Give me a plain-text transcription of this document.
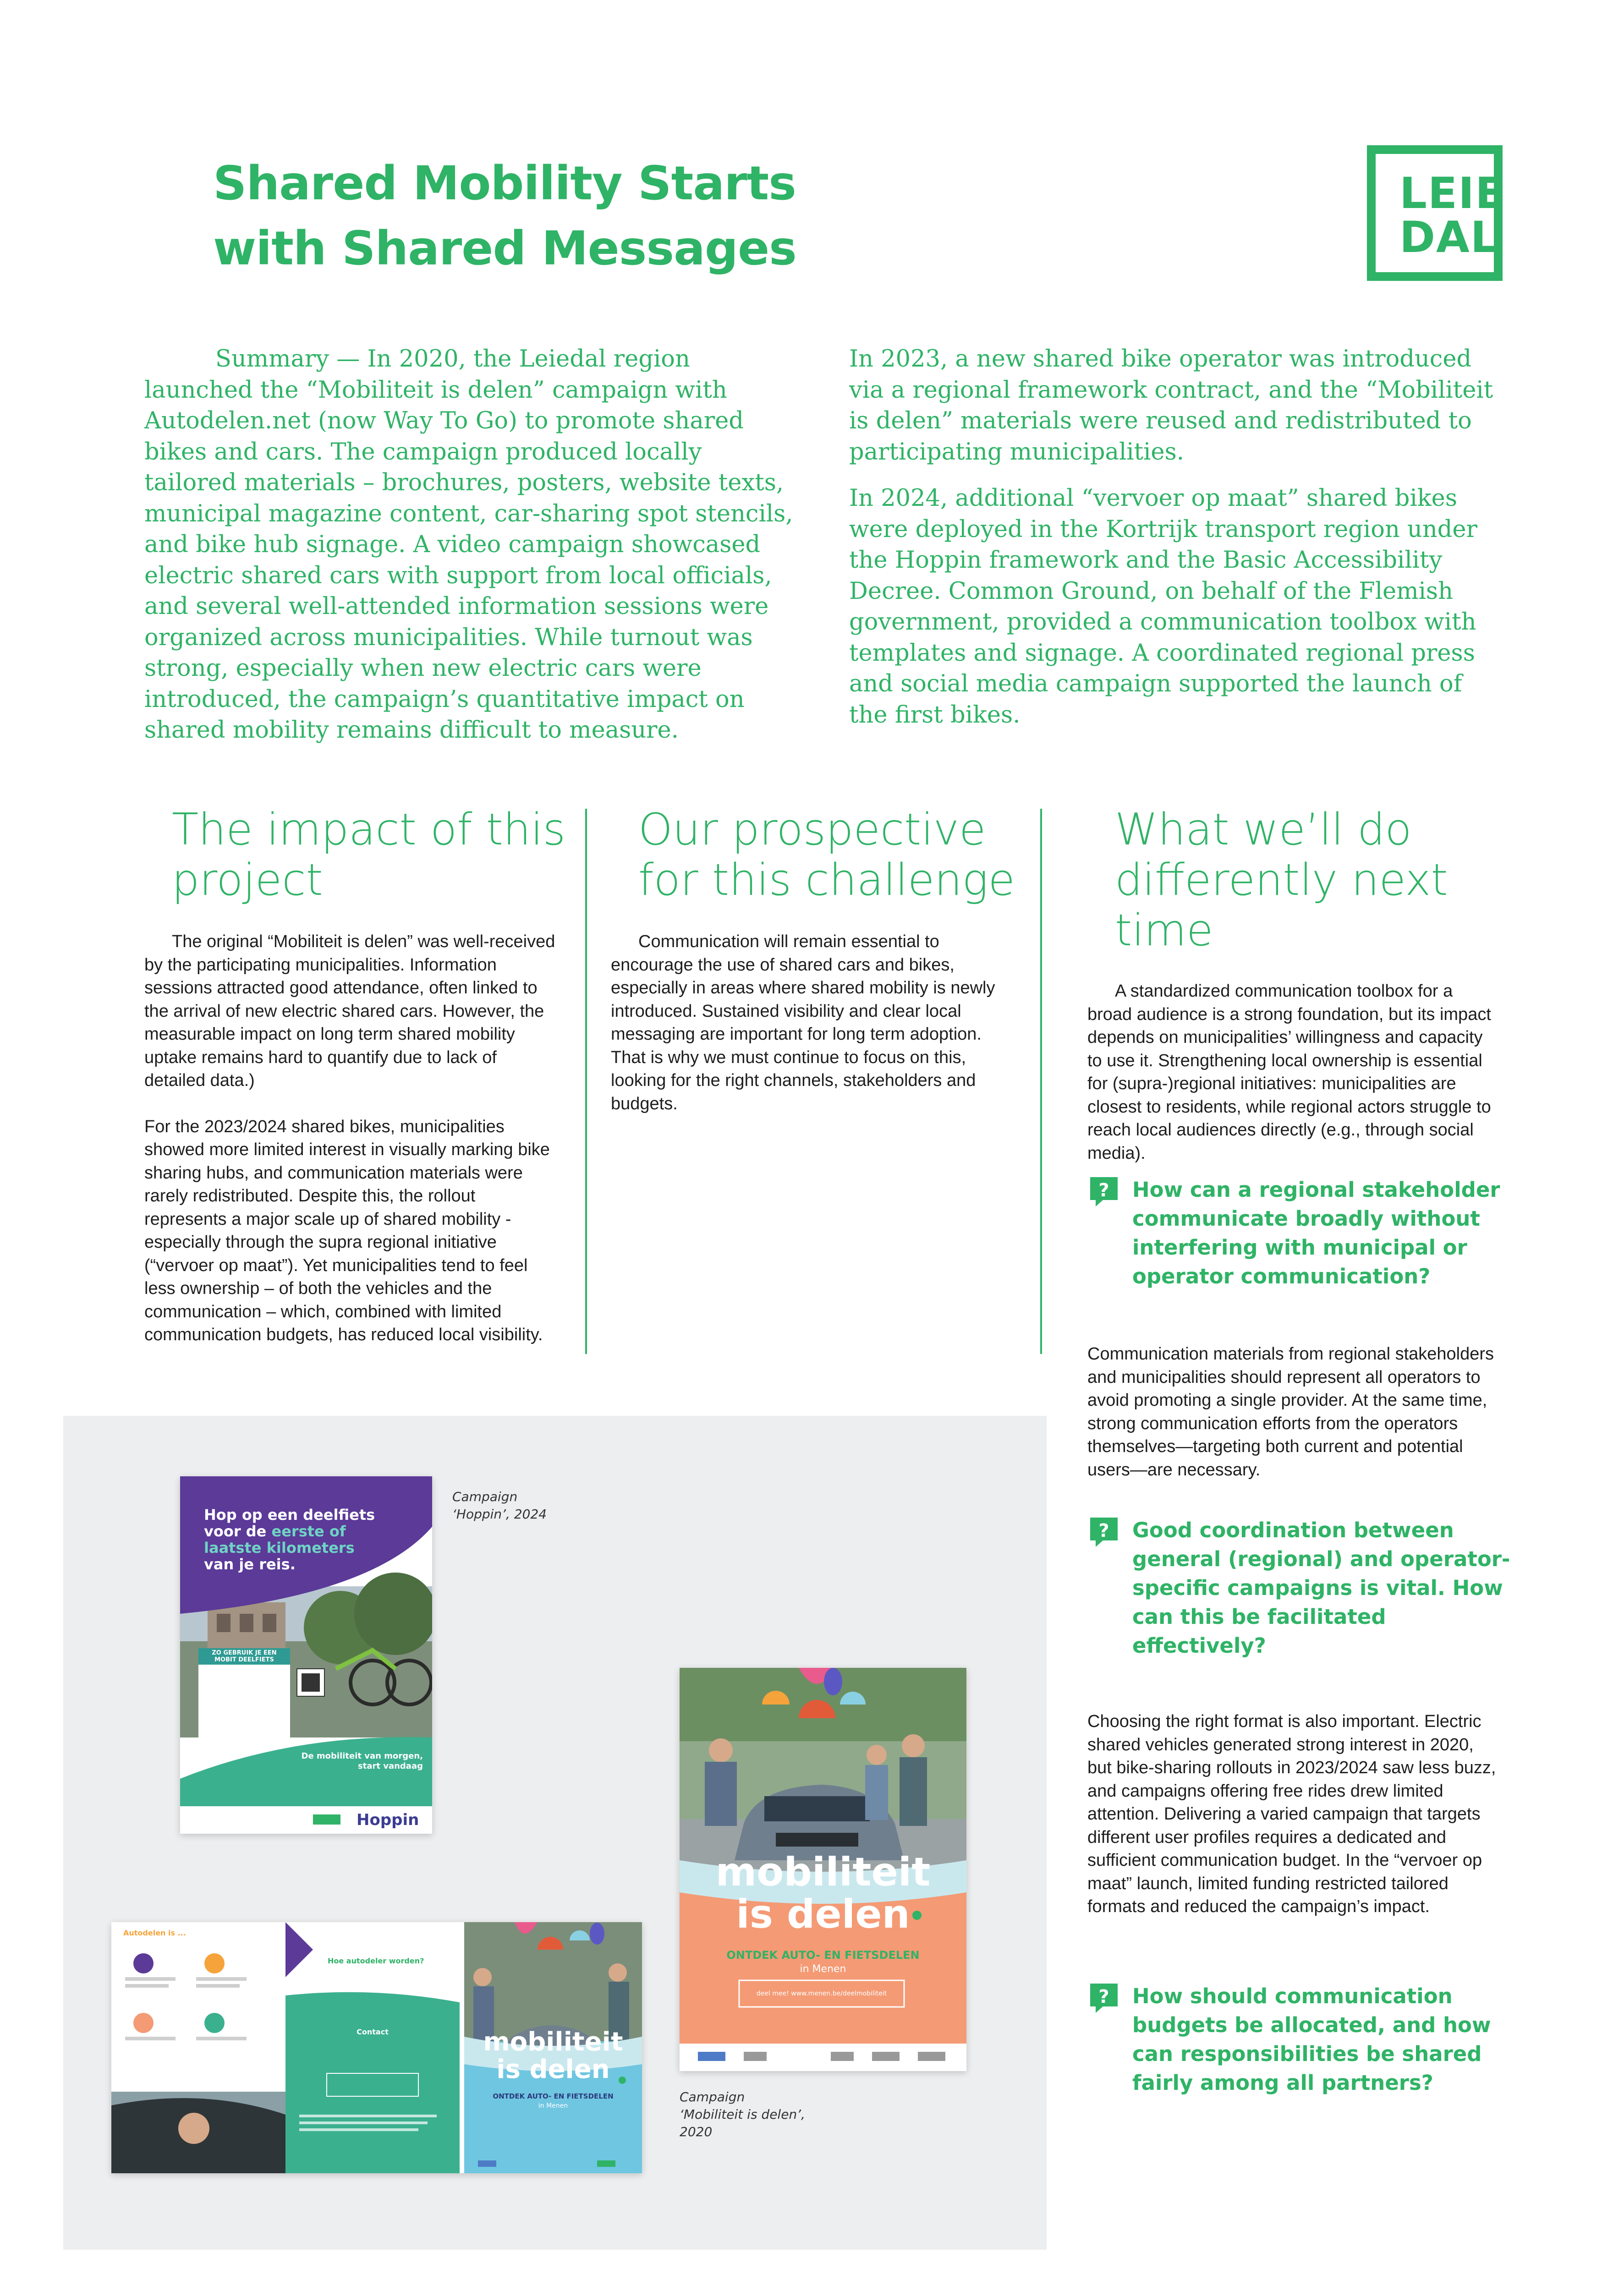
Shared Mobility Starts
with Shared Messages
LEIE
DAL

Summary — In 2020, the Leiedal region launched the “Mobiliteit is delen” campaign with Autodelen.net (now Way To Go) to promote shared bikes and cars. The campaign produced locally tailored materials – brochures, posters, website texts, municipal magazine content, car-sharing spot stencils, and bike hub signage. A video campaign showcased electric shared cars with support from local officials, and several well-attended information sessions were organized across municipalities. While turnout was strong, especially when new electric cars were introduced, the campaign’s quantitative impact on shared mobility remains difficult to measure.

In 2023, a new shared bike operator was introduced via a regional framework contract, and the “Mobiliteit is delen” materials were reused and redistributed to participating municipalities.

In 2024, additional “vervoer op maat” shared bikes were deployed in the Kortrijk transport region under the Hoppin framework and the Basic Accessibility Decree. Common Ground, on behalf of the Flemish government, provided a communication toolbox with templates and signage. A coordinated regional press and social media campaign supported the launch of the first bikes.

The impact of this project

The original “Mobiliteit is delen” was well-received by the participating municipalities. Information sessions attracted good attendance, often linked to the arrival of new electric shared cars. However, the measurable impact on long term shared mobility uptake remains hard to quantify due to lack of detailed data.)

For the 2023/2024 shared bikes, municipalities showed more limited interest in visually marking bike sharing hubs, and communication materials were rarely redistributed. Despite this, the rollout represents a major scale up of shared mobility - especially through the supra regional initiative (“vervoer op maat”). Yet municipalities tend to feel less ownership – of both the vehicles and the communication – which, combined with limited communication budgets, has reduced local visibility.

Our prospective for this challenge

Communication will remain essential to encourage the use of shared cars and bikes, especially in areas where shared mobility is newly introduced. Sustained visibility and clear local messaging are important for long term adoption.

That is why we must continue to focus on this, looking for the right channels, stakeholders and budgets.

What we’ll do differently next time

A standardized communication toolbox for a broad audience is a strong foundation, but its impact depends on municipalities’ willingness and capacity to use it. Strengthening local ownership is essential for (supra-)regional initiatives: municipalities are closest to residents, while regional actors struggle to reach local audiences directly (e.g., through social media).

? How can a regional stakeholder communicate broadly without interfering with municipal or operator communication?

Communication materials from regional stakeholders and municipalities should represent all operators to avoid promoting a single provider. At the same time, strong communication efforts from the operators themselves—targeting both current and potential users—are necessary.

? Good coordination between general (regional) and operator-specific campaigns is vital. How can this be facilitated effectively?

Choosing the right format is also important. Electric shared vehicles generated strong interest in 2020, but bike-sharing rollouts in 2023/2024 saw less buzz, and campaigns offering free rides drew limited attention. Delivering a varied campaign that targets different user profiles requires a dedicated and sufficient communication budget. In the “vervoer op maat” launch, limited funding restricted tailored formats and reduced the campaign’s impact.

? How should communication budgets be allocated, and how can responsibilities be shared fairly among all partners?
Campaign
‘Hoppin’, 2024
Campaign
‘Mobiliteit is delen’,
2020
Hop op een deelfiets
voor de eerste of
laatste kilometers
van je reis.
ZO GEBRUIK JE EEN
MOBIT DEELFIETS
De mobiliteit van morgen,
start vandaag
Hoppin
mobiliteit
is delen
ONTDEK AUTO- EN FIETSDELEN
in Menen
deel mee! www.menen.be/deelmobiliteit
Autodelen is ...
Hoe autodeler worden?
Contact	mobiliteit
is delen
ONTDEK AUTO- EN FIETSDELEN
in Menen
